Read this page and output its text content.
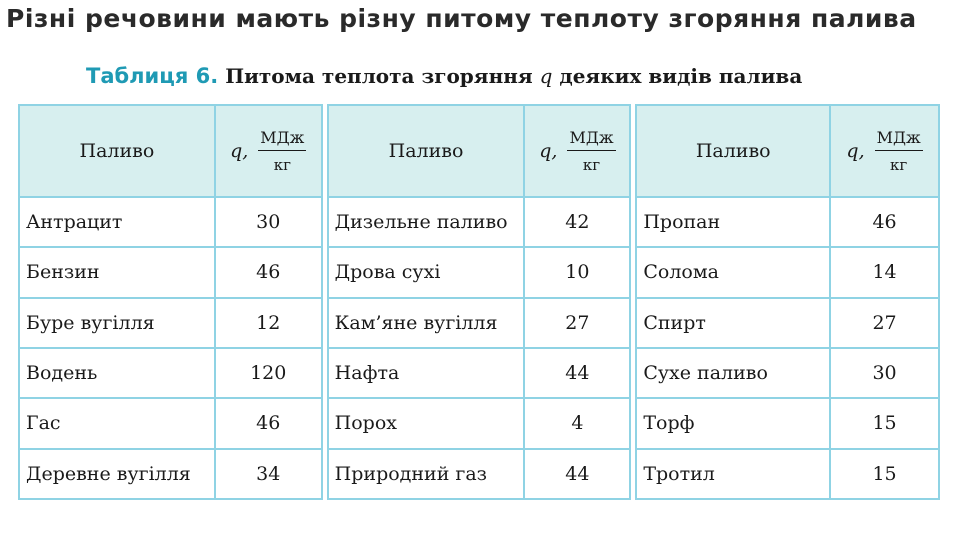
Різні речовини мають різну питому теплоту згоряння палива
Таблиця 6. Питома теплота згоряння q деяких видів палива
Паливо	q, $\frac{\text{МДж}}{кг}$

Антрацит	30
Бензин	46
Буре вугілля	12
Водень	120
Гас	46
Деревне вугілля	34
Паливо	q, $\frac{\text{МДж}}{кг}$

Дизельне паливо	42
Дрова сухі	10
Кам’яне вугілля	27
Нафта	44
Порох	4
Природний газ	44
Паливо	q, $\frac{\text{МДж}}{кг}$

Пропан	46
Солома	14
Спирт	27
Сухе паливо	30
Торф	15
Тротил	15
